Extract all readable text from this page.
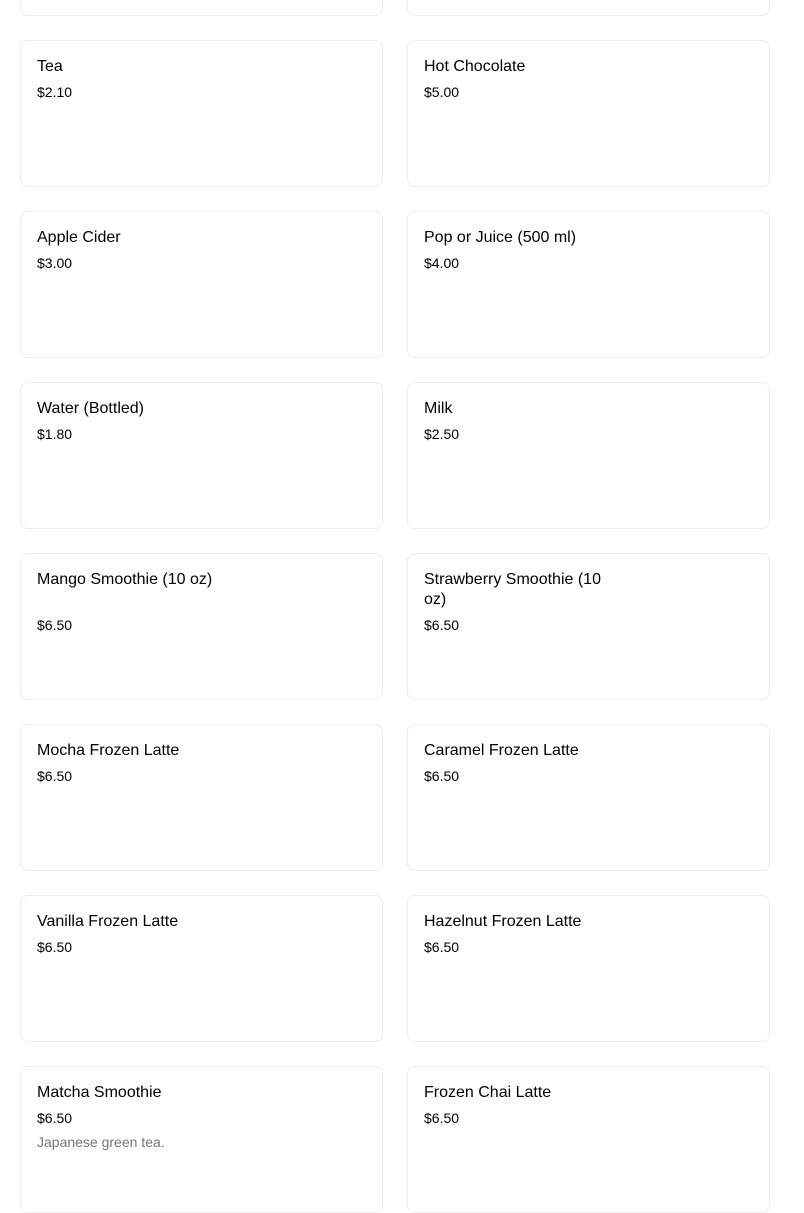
Tea
$2.10
Hot Chocolate
$5.00
Apple Cider
$3.00
Pop or Juice (500 ml)
$4.00
Water (Bottled)
$1.80
Milk
$2.50
Mango Smoothie (10 oz)
$6.50
Strawberry Smoothie (10 oz)
$6.50
Mocha Frozen Latte
$6.50
Caramel Frozen Latte
$6.50
Vanilla Frozen Latte
$6.50
Hazelnut Frozen Latte
$6.50
Matcha Smoothie
$6.50
Japanese green tea.
Frozen Chai Latte
$6.50
